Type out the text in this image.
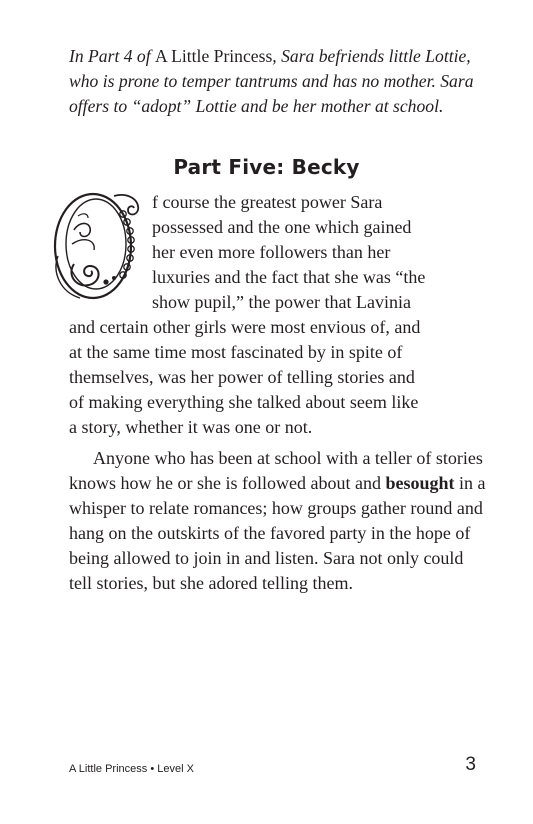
In Part 4 of A Little Princess, Sara befriends little Lottie, who is prone to temper tantrums and has no mother. Sara offers to “adopt” Lottie and be her mother at school.

Part Five: Becky
f course the greatest power Sara
possessed and the one which gained
her even more followers than her
luxuries and the fact that she was “the
show pupil,” the power that Lavinia
and certain other girls were most envious of, and
at the same time most fascinated by in spite of
themselves, was her power of telling stories and
of making everything she talked about seem like
a story, whether it was one or not.

Anyone who has been at school with a teller of stories knows how he or she is followed about and besought in a whisper to relate romances; how groups gather round and hang on the outskirts of the favored party in the hope of being allowed to join in and listen. Sara not only could tell stories, but she adored telling them.

A Little Princess • Level X	3
